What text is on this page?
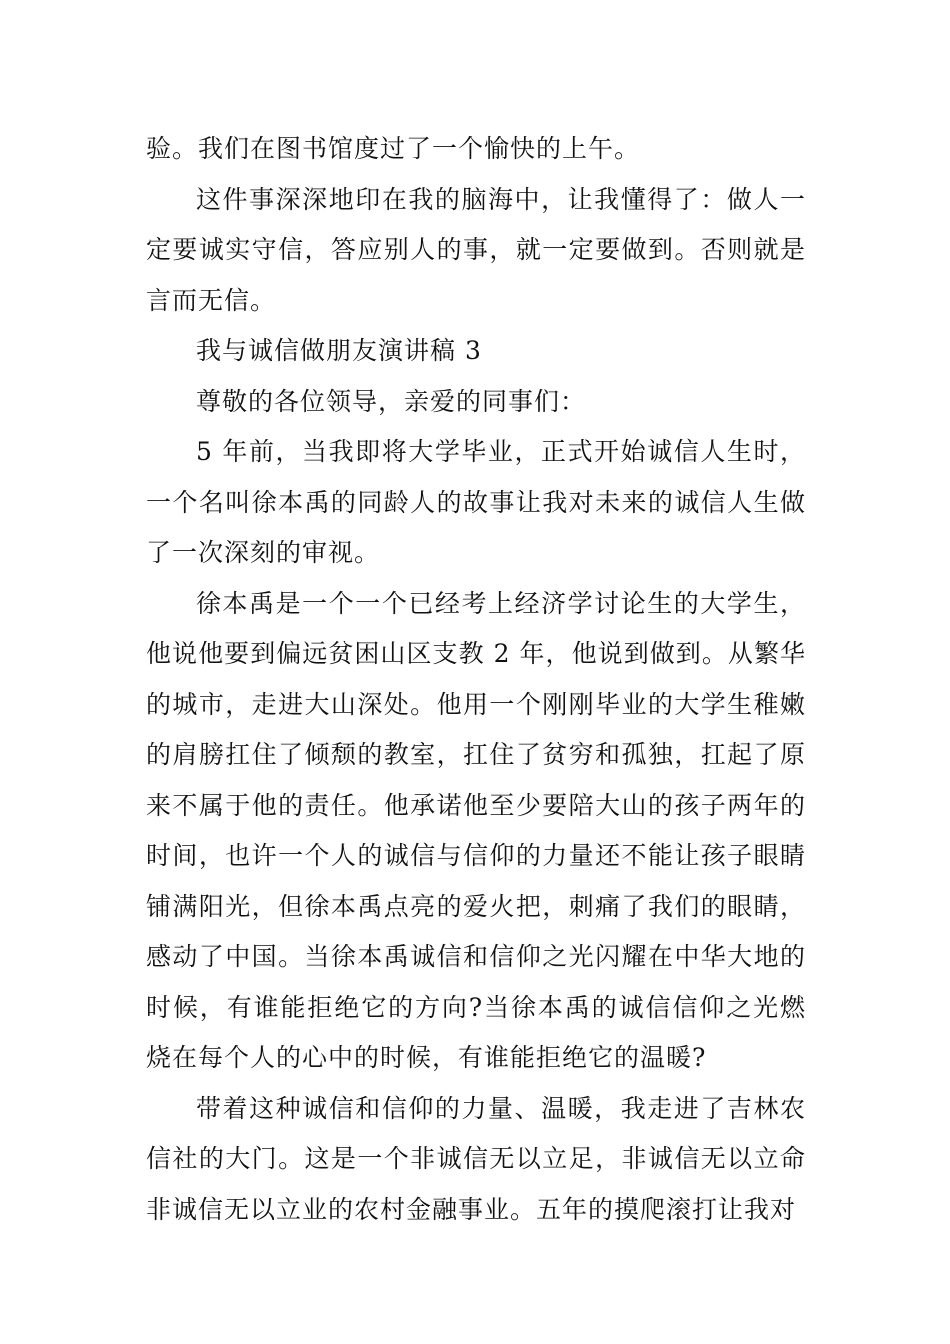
验。我们在图书馆度过了一个愉快的上午。

这件事深深地印在我的脑海中，让我懂得了：做人一定要诚实守信，答应别人的事，就一定要做到。否则就是言而无信。

我与诚信做朋友演讲稿 3

尊敬的各位领导，亲爱的同事们：

5 年前，当我即将大学毕业，正式开始诚信人生时，一个名叫徐本禹的同龄人的故事让我对未来的诚信人生做了一次深刻的审视。

徐本禹是一个一个已经考上经济学讨论生的大学生，他说他要到偏远贫困山区支教 2 年，他说到做到。从繁华的城市，走进大山深处。他用一个刚刚毕业的大学生稚嫩的肩膀扛住了倾颓的教室，扛住了贫穷和孤独，扛起了原来不属于他的责任。他承诺他至少要陪大山的孩子两年的时间，也许一个人的诚信与信仰的力量还不能让孩子眼睛铺满阳光，但徐本禹点亮的爱火把，刺痛了我们的眼睛，感动了中国。当徐本禹诚信和信仰之光闪耀在中华大地的时候，有谁能拒绝它的方向?当徐本禹的诚信信仰之光燃烧在每个人的心中的时候，有谁能拒绝它的温暖?

带着这种诚信和信仰的力量、温暖，我走进了吉林农信社的大门。这是一个非诚信无以立足，非诚信无以立命非诚信无以立业的农村金融事业。五年的摸爬滚打让我对
